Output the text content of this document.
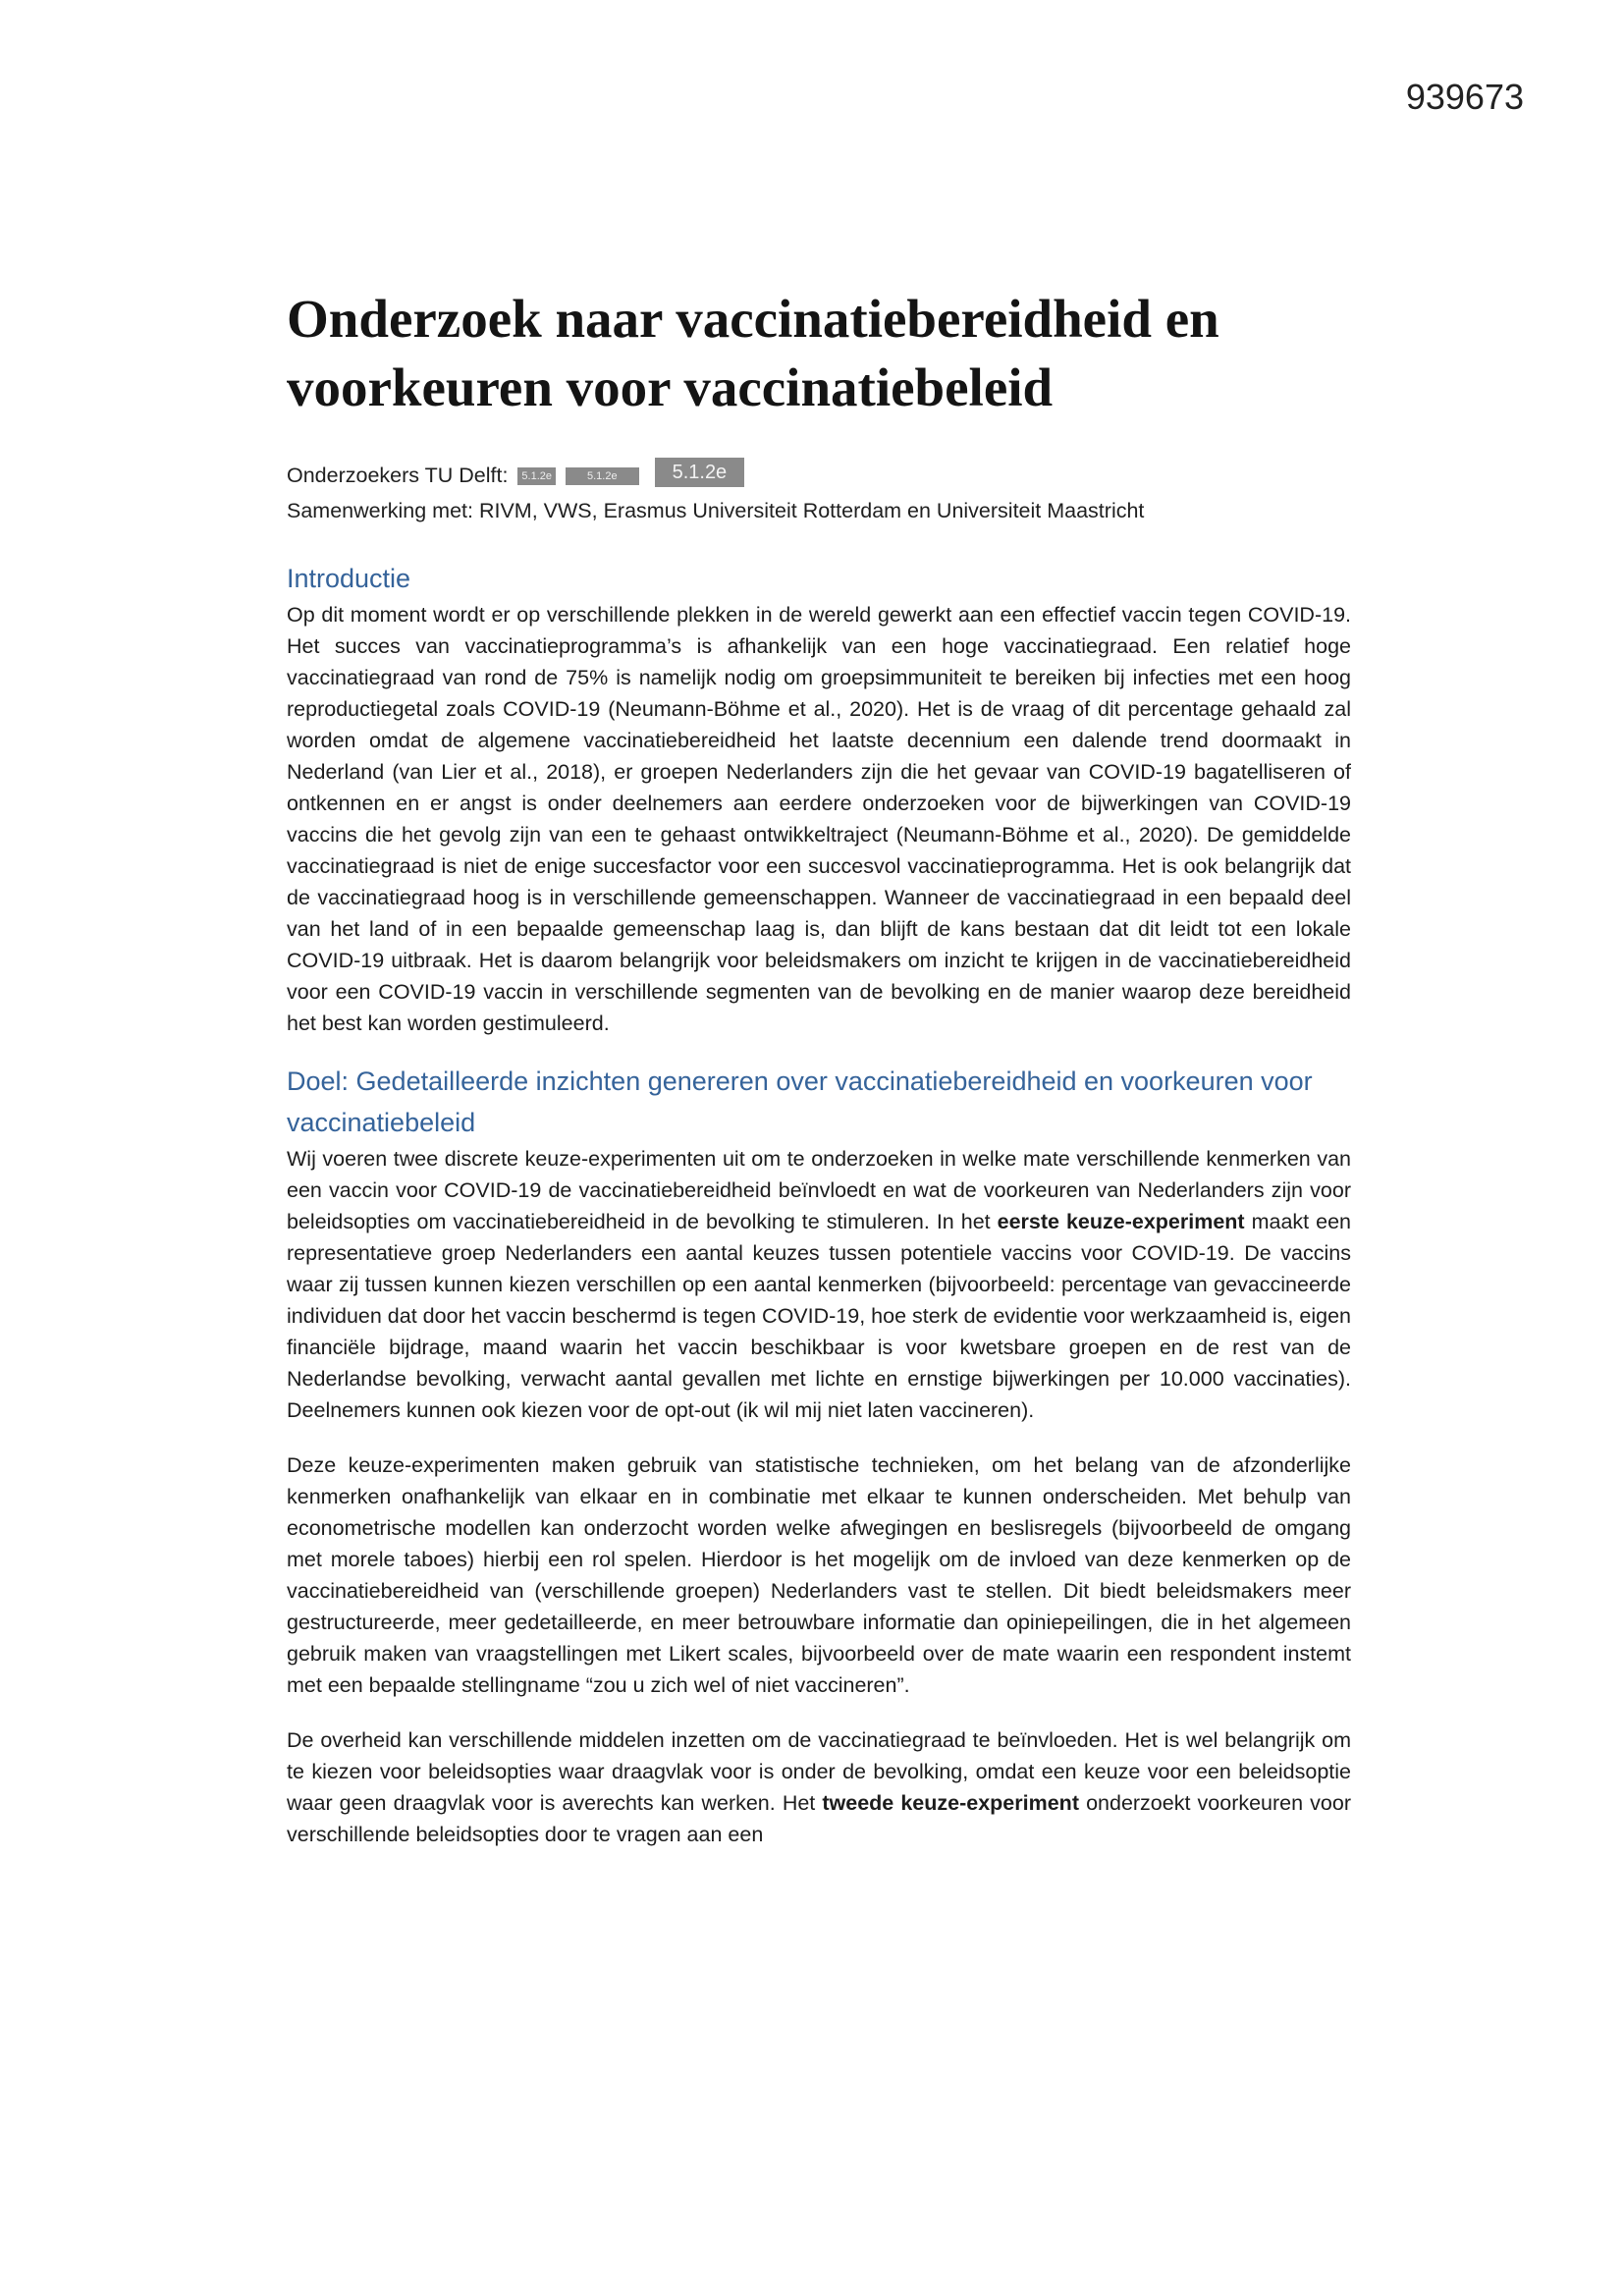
939673
Onderzoek naar vaccinatiebereidheid en voorkeuren voor vaccinatiebeleid
Onderzoekers TU Delft: 5.1.2e	5.1.2e	5.1.2e
Samenwerking met: RIVM, VWS, Erasmus Universiteit Rotterdam en Universiteit Maastricht
Introductie

Op dit moment wordt er op verschillende plekken in de wereld gewerkt aan een effectief vaccin tegen COVID-19. Het succes van vaccinatieprogramma’s is afhankelijk van een hoge vaccinatiegraad. Een relatief hoge vaccinatiegraad van rond de 75% is namelijk nodig om groepsimmuniteit te bereiken bij infecties met een hoog reproductiegetal zoals COVID-19 (Neumann-Böhme et al., 2020). Het is de vraag of dit percentage gehaald zal worden omdat de algemene vaccinatiebereidheid het laatste decennium een dalende trend doormaakt in Nederland (van Lier et al., 2018), er groepen Nederlanders zijn die het gevaar van COVID-19 bagatelliseren of ontkennen en er angst is onder deelnemers aan eerdere onderzoeken voor de bijwerkingen van COVID-19 vaccins die het gevolg zijn van een te gehaast ontwikkeltraject (Neumann-Böhme et al., 2020). De gemiddelde vaccinatiegraad is niet de enige succesfactor voor een succesvol vaccinatieprogramma. Het is ook belangrijk dat de vaccinatiegraad hoog is in verschillende gemeenschappen. Wanneer de vaccinatiegraad in een bepaald deel van het land of in een bepaalde gemeenschap laag is, dan blijft de kans bestaan dat dit leidt tot een lokale COVID-19 uitbraak. Het is daarom belangrijk voor beleidsmakers om inzicht te krijgen in de vaccinatiebereidheid voor een COVID-19 vaccin in verschillende segmenten van de bevolking en de manier waarop deze bereidheid het best kan worden gestimuleerd.

Doel: Gedetailleerde inzichten genereren over vaccinatiebereidheid en voorkeuren voor vaccinatiebeleid

Wij voeren twee discrete keuze-experimenten uit om te onderzoeken in welke mate verschillende kenmerken van een vaccin voor COVID-19 de vaccinatiebereidheid beïnvloedt en wat de voorkeuren van Nederlanders zijn voor beleidsopties om vaccinatiebereidheid in de bevolking te stimuleren. In het eerste keuze-experiment maakt een representatieve groep Nederlanders een aantal keuzes tussen potentiele vaccins voor COVID-19. De vaccins waar zij tussen kunnen kiezen verschillen op een aantal kenmerken (bijvoorbeeld: percentage van gevaccineerde individuen dat door het vaccin beschermd is tegen COVID-19, hoe sterk de evidentie voor werkzaamheid is, eigen financiële bijdrage, maand waarin het vaccin beschikbaar is voor kwetsbare groepen en de rest van de Nederlandse bevolking, verwacht aantal gevallen met lichte en ernstige bijwerkingen per 10.000 vaccinaties). Deelnemers kunnen ook kiezen voor de opt-out (ik wil mij niet laten vaccineren).

Deze keuze-experimenten maken gebruik van statistische technieken, om het belang van de afzonderlijke kenmerken onafhankelijk van elkaar en in combinatie met elkaar te kunnen onderscheiden. Met behulp van econometrische modellen kan onderzocht worden welke afwegingen en beslisregels (bijvoorbeeld de omgang met morele taboes) hierbij een rol spelen. Hierdoor is het mogelijk om de invloed van deze kenmerken op de vaccinatiebereidheid van (verschillende groepen) Nederlanders vast te stellen. Dit biedt beleidsmakers meer gestructureerde, meer gedetailleerde, en meer betrouwbare informatie dan opiniepeilingen, die in het algemeen gebruik maken van vraagstellingen met Likert scales, bijvoorbeeld over de mate waarin een respondent instemt met een bepaalde stellingname “zou u zich wel of niet vaccineren”.

De overheid kan verschillende middelen inzetten om de vaccinatiegraad te beïnvloeden. Het is wel belangrijk om te kiezen voor beleidsopties waar draagvlak voor is onder de bevolking, omdat een keuze voor een beleidsoptie waar geen draagvlak voor is averechts kan werken. Het tweede keuze-experiment onderzoekt voorkeuren voor verschillende beleidsopties door te vragen aan een
